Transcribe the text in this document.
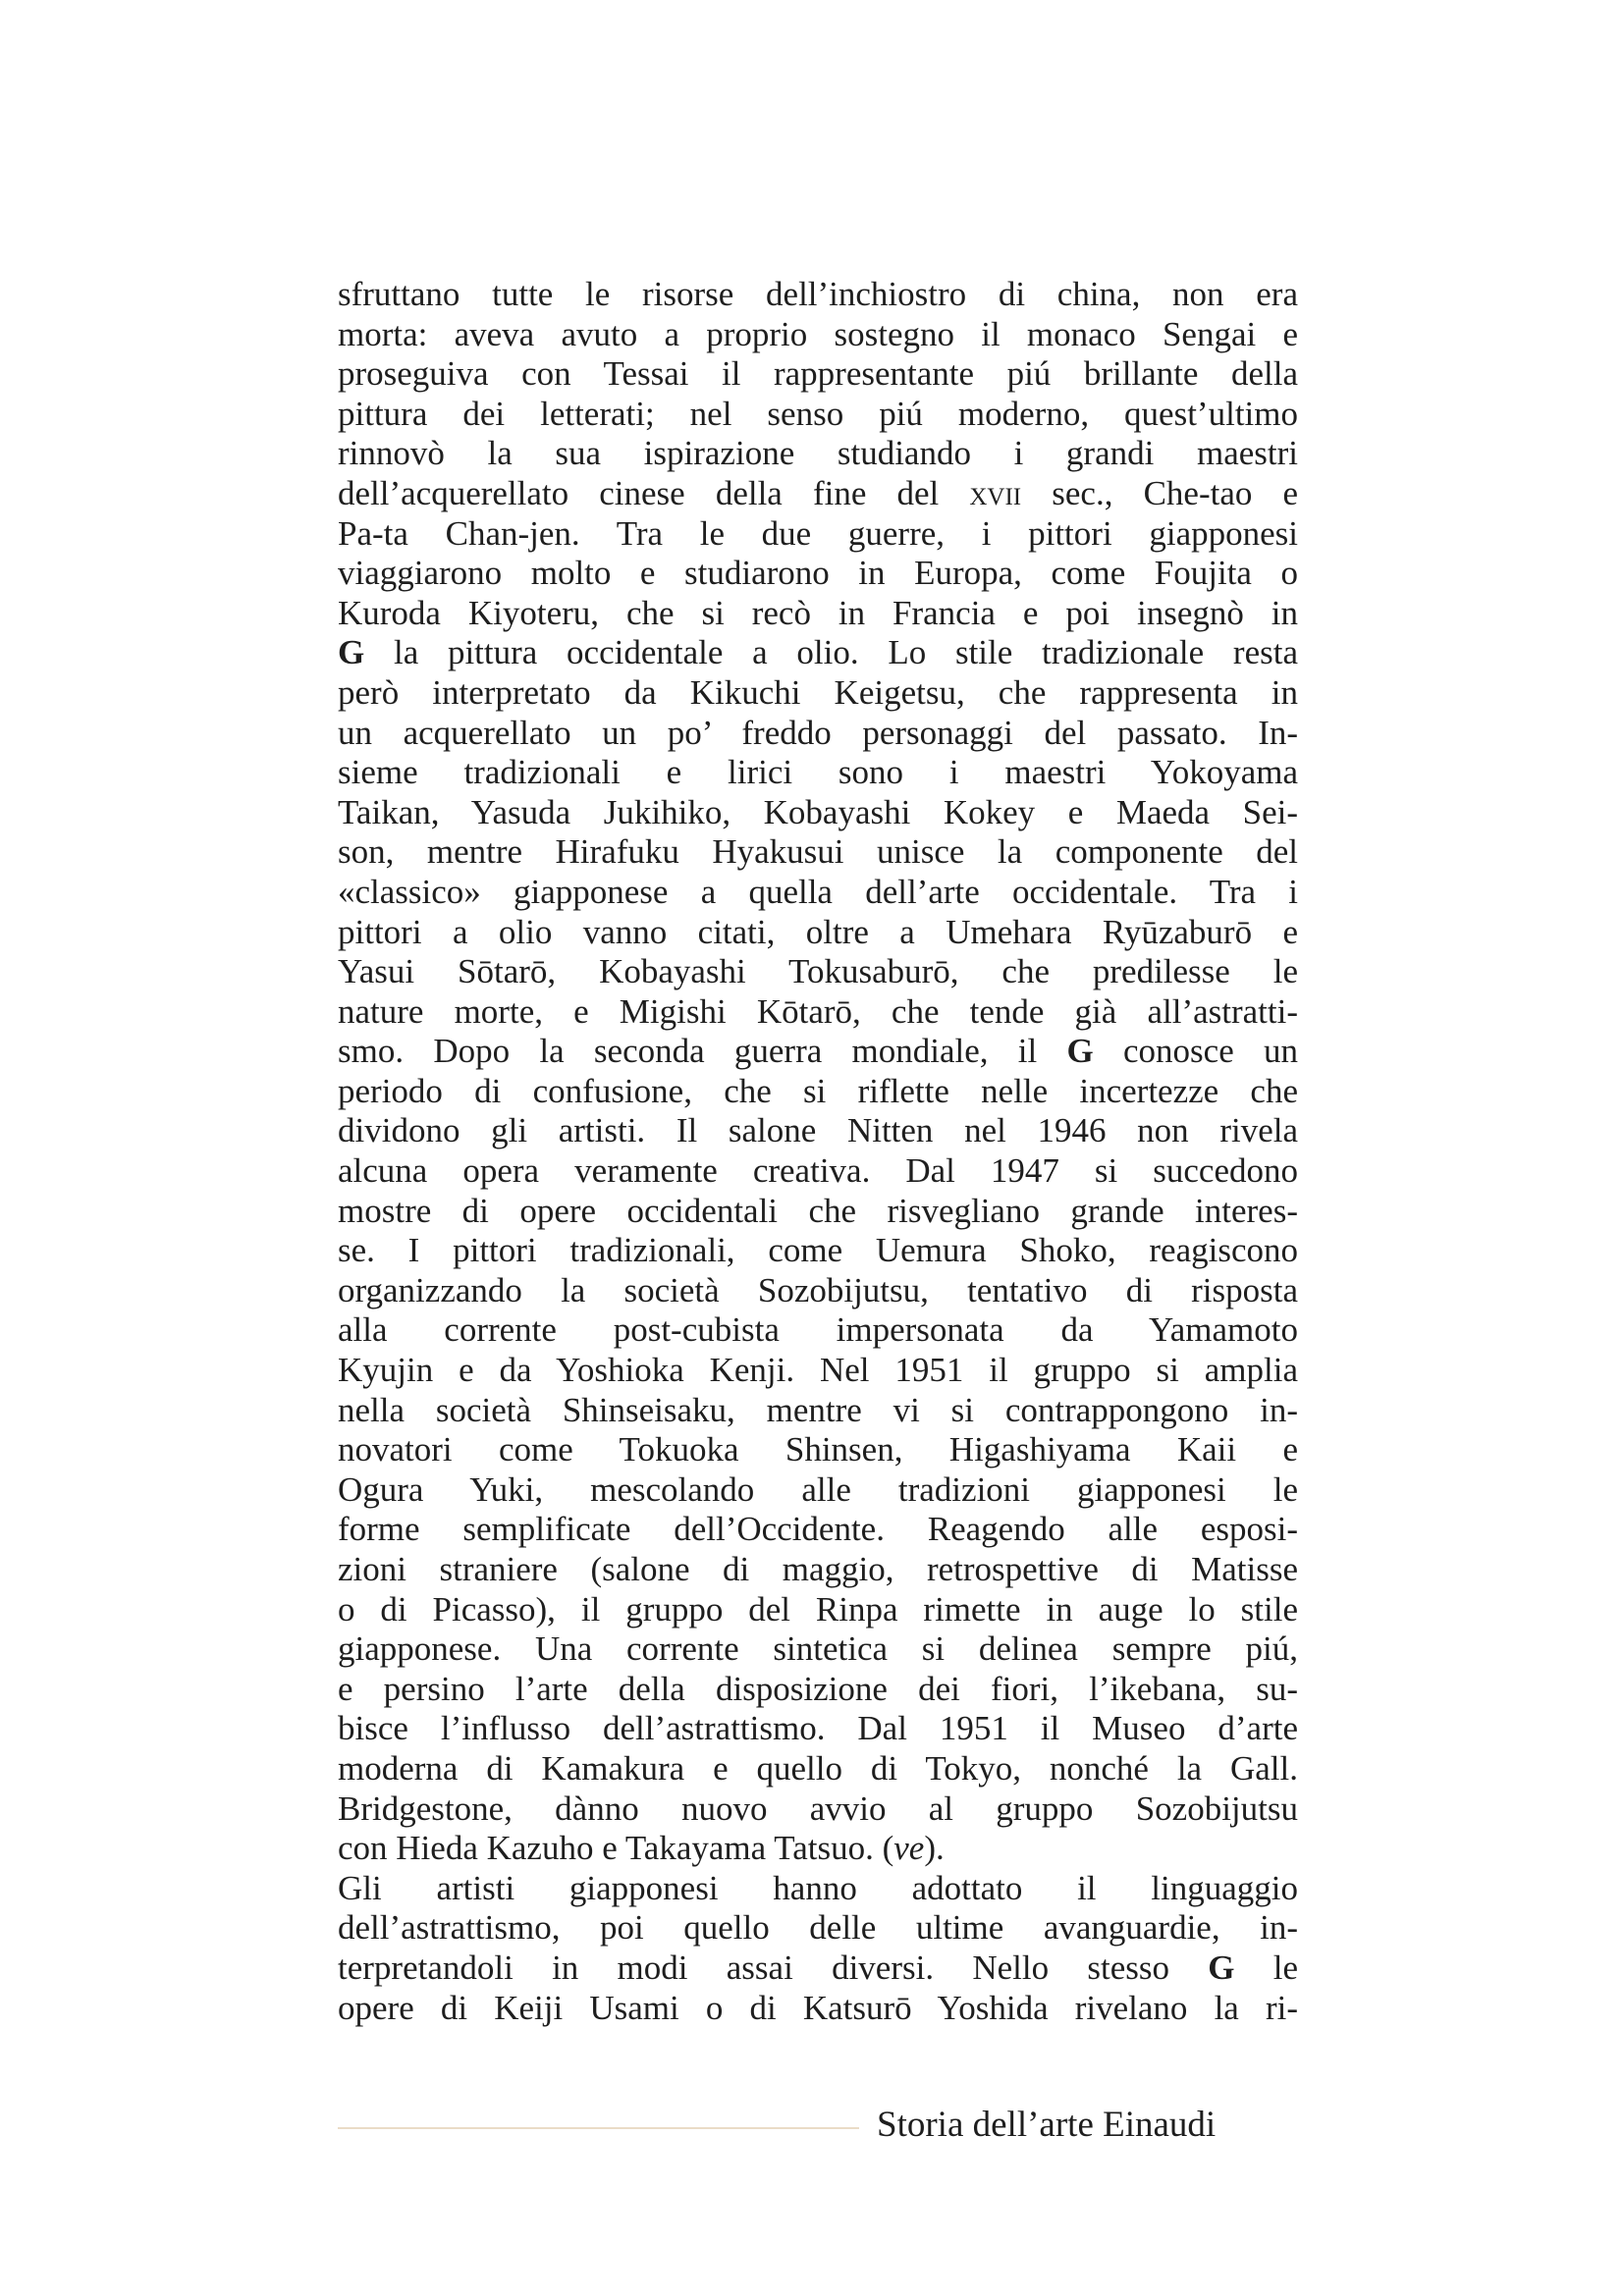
sfruttano tutte le risorse dell’inchiostro di china, non era
morta: aveva avuto a proprio sostegno il monaco Sengai e
proseguiva con Tessai il rappresentante piú brillante della
pittura dei letterati; nel senso piú moderno, quest’ultimo
rinnovò la sua ispirazione studiando i grandi maestri
dell’acquerellato cinese della fine del xvii sec., Che-tao e
Pa-ta Chan-jen. Tra le due guerre, i pittori giapponesi
viaggiarono molto e studiarono in Europa, come Foujita o
Kuroda Kiyoteru, che si recò in Francia e poi insegnò in
G la pittura occidentale a olio. Lo stile tradizionale resta
però interpretato da Kikuchi Keigetsu, che rappresenta in
un acquerellato un po’ freddo personaggi del passato. In-
sieme tradizionali e lirici sono i maestri Yokoyama
Taikan, Yasuda Jukihiko, Kobayashi Kokey e Maeda Sei-
son, mentre Hirafuku Hyakusui unisce la componente del
«classico» giapponese a quella dell’arte occidentale. Tra i
pittori a olio vanno citati, oltre a Umehara Ryūzaburō e
Yasui Sōtarō, Kobayashi Tokusaburō, che predilesse le
nature morte, e Migishi Kōtarō, che tende già all’astratti-
smo. Dopo la seconda guerra mondiale, il G conosce un
periodo di confusione, che si riflette nelle incertezze che
dividono gli artisti. Il salone Nitten nel 1946 non rivela
alcuna opera veramente creativa. Dal 1947 si succedono
mostre di opere occidentali che risvegliano grande interes-
se. I pittori tradizionali, come Uemura Shoko, reagiscono
organizzando la società Sozobijutsu, tentativo di risposta
alla corrente post-cubista impersonata da Yamamoto
Kyujin e da Yoshioka Kenji. Nel 1951 il gruppo si amplia
nella società Shinseisaku, mentre vi si contrappongono in-
novatori come Tokuoka Shinsen, Higashiyama Kaii e
Ogura Yuki, mescolando alle tradizioni giapponesi le
forme semplificate dell’Occidente. Reagendo alle esposi-
zioni straniere (salone di maggio, retrospettive di Matisse
o di Picasso), il gruppo del Rinpa rimette in auge lo stile
giapponese. Una corrente sintetica si delinea sempre piú,
e persino l’arte della disposizione dei fiori, l’ikebana, su-
bisce l’influsso dell’astrattismo. Dal 1951 il Museo d’arte
moderna di Kamakura e quello di Tokyo, nonché la Gall.
Bridgestone, dànno nuovo avvio al gruppo Sozobijutsu
con Hieda Kazuho e Takayama Tatsuo. (ve).
Gli artisti giapponesi hanno adottato il linguaggio
dell’astrattismo, poi quello delle ultime avanguardie, in-
terpretandoli in modi assai diversi. Nello stesso G le
opere di Keiji Usami o di Katsurō Yoshida rivelano la ri-
Storia dell’arte Einaudi
